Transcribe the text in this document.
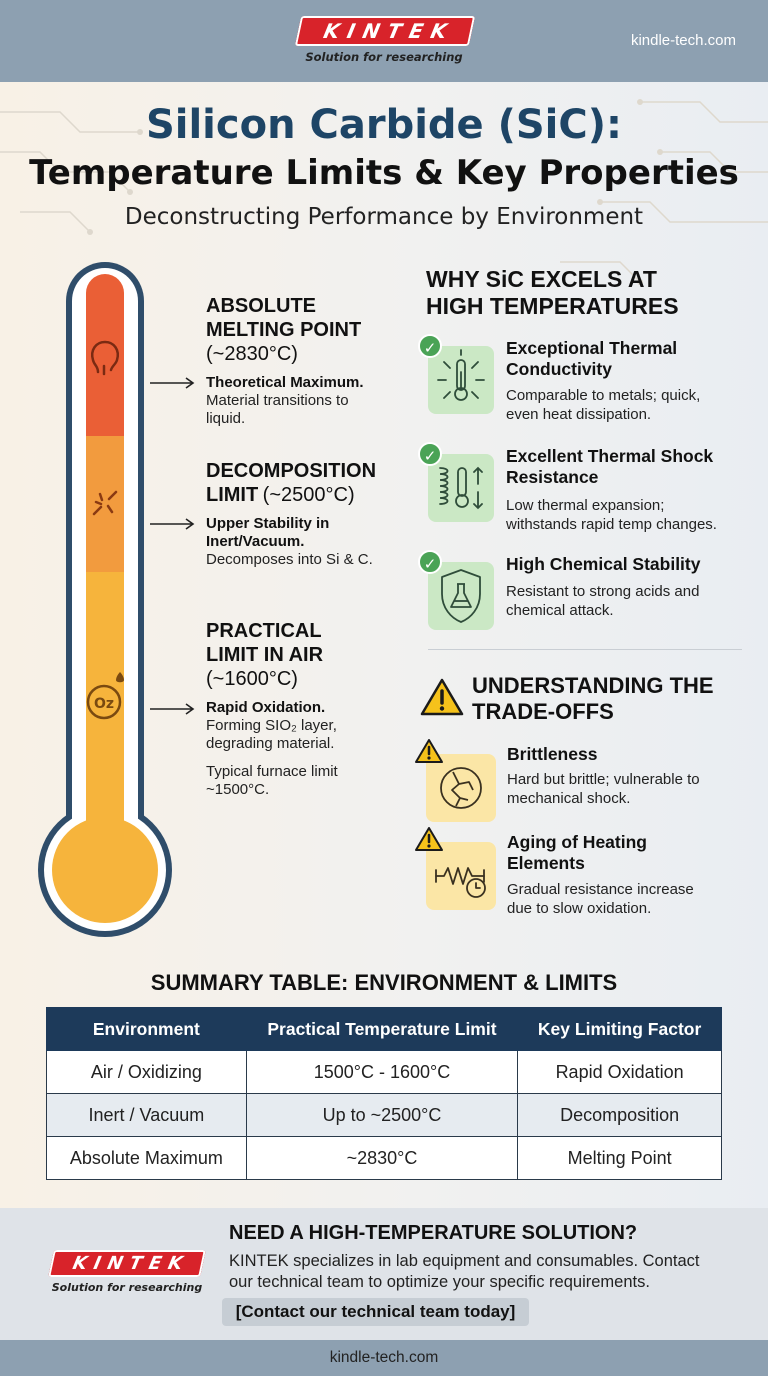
KINTEK
Solution for researching
kindle-tech.com
Silicon Carbide (SiC):
Temperature Limits & Key Properties
Deconstructing Performance by Environment
Oz
ABSOLUTE
MELTING POINT
(~2830°C)
Theoretical Maximum.
Material transitions to
liquid.
DECOMPOSITION
LIMIT (~2500°C)
Upper Stability in
Inert/Vacuum.
Decomposes into Si & C.
PRACTICAL
LIMIT IN AIR
(~1600°C)
Rapid Oxidation.
Forming SIO₂ layer,
degrading material.
Typical furnace limit
~1500°C.
WHY SiC EXCELS AT
HIGH TEMPERATURES
✓	Exceptional Thermal
Conductivity
Comparable to metals; quick,
even heat dissipation.
✓	Excellent Thermal Shock
Resistance
Low thermal expansion;
withstands rapid temp changes.
✓	High Chemical Stability
Resistant to strong acids and
chemical attack.
UNDERSTANDING THE
TRADE-OFFS
Brittleness
Hard but brittle; vulnerable to
mechanical shock.
Aging of Heating
Elements
Gradual resistance increase
due to slow oxidation.
SUMMARY TABLE: ENVIRONMENT & LIMITS
Environment	Practical Temperature Limit	Key Limiting Factor
Air / Oxidizing	1500°C - 1600°C	Rapid Oxidation
Inert / Vacuum	Up to ~2500°C	Decomposition
Absolute Maximum	~2830°C	Melting Point
KINTEK
Solution for researching
NEED A HIGH-TEMPERATURE SOLUTION?
KINTEK specializes in lab equipment and consumables. Contact
our technical team to optimize your specific requirements.
[Contact our technical team today]
kindle-tech.com
